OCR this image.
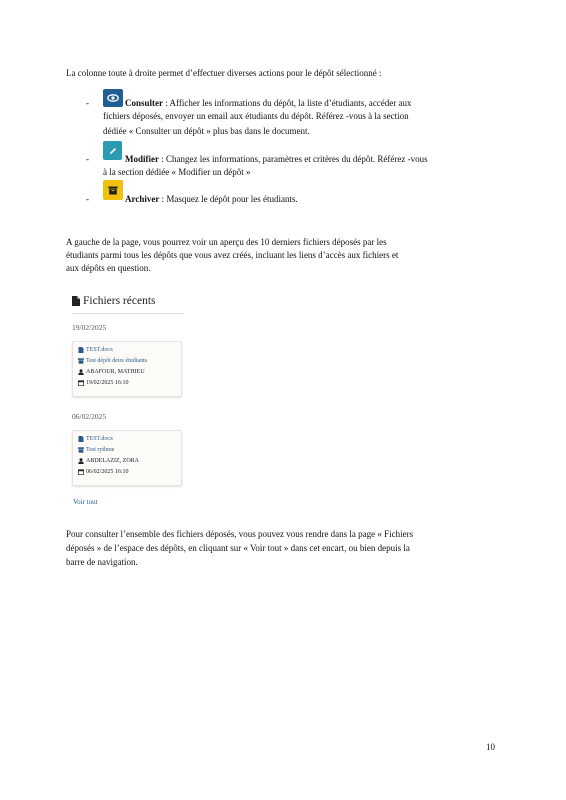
La colonne toute à droite permet d’effectuer diverses actions pour le dépôt sélectionné :

-	Consulter : Afficher les informations du dépôt, la liste d’étudiants, accéder aux
fichiers déposés, envoyer un email aux étudiants du dépôt. Référez -vous à la section
dédiée « Consulter un dépôt » plus bas dans le document.
-	Modifier : Changez les informations, paramètres et critères du dépôt. Référez -vous
à la section dédiée « Modifier un dépôt »
-	Archiver : Masquez le dépôt pour les étudiants.
A gauche de la page, vous pourrez voir un aperçu des 10 derniers fichiers déposés par les
étudiants parmi tous les dépôts que vous avez créés, incluant les liens d’accès aux fichiers et
aux dépôts en question.
Fichiers récents
19/02/2025
TEST.docx
Test dépôt deux étudiants
ABAFOUR, MATHIEU
19/02/2025 16:10
06/02/2025
TEST.docx
Test rythme
ABDELAZIZ, ZORA
06/02/2025 16:10
Voir tout
Pour consulter l’ensemble des fichiers déposés, vous pouvez vous rendre dans la page « Fichiers
déposés » de l’espace des dépôts, en cliquant sur « Voir tout » dans cet encart, ou bien depuis la
barre de navigation.
10
